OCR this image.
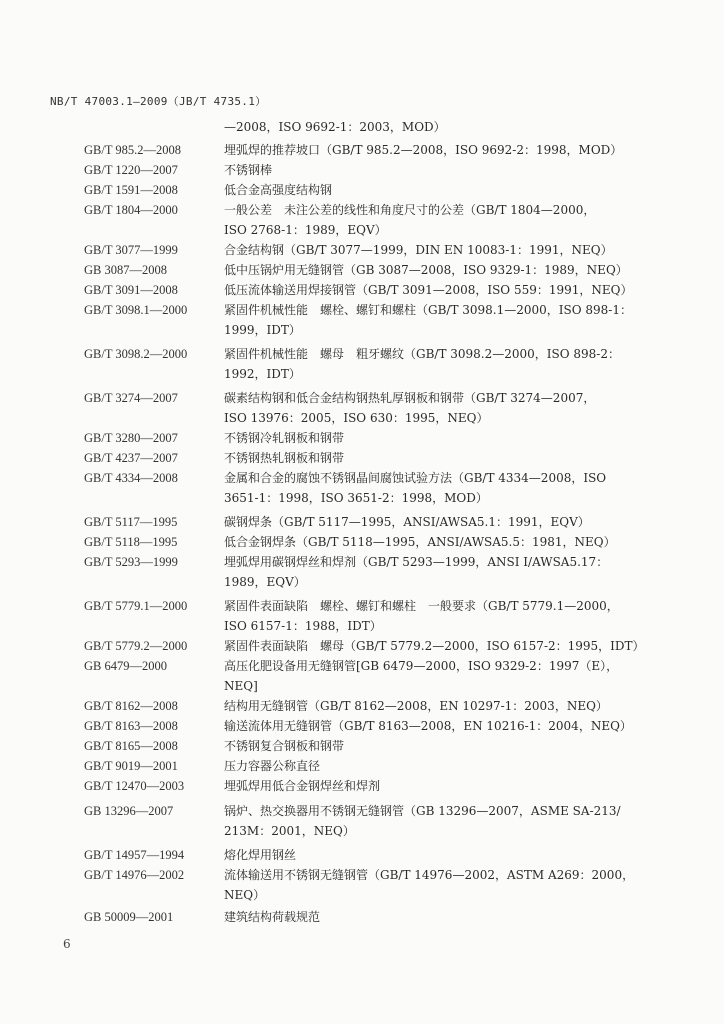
NB/T 47003.1—2009（JB/T 4735.1）
—2008，ISO 9692-1：2003，MOD）
GB/T 985.2—2008	埋弧焊的推荐坡口（GB/T 985.2—2008，ISO 9692-2：1998，MOD）
GB/T 1220—2007	不锈钢棒
GB/T 1591—2008	低合金高强度结构钢
GB/T 1804—2000	一般公差　未注公差的线性和角度尺寸的公差（GB/T 1804—2000，
ISO 2768-1：1989，EQV）
GB/T 3077—1999	合金结构钢（GB/T 3077—1999，DIN EN 10083-1：1991，NEQ）
GB 3087—2008	低中压锅炉用无缝钢管（GB 3087—2008，ISO 9329-1：1989，NEQ）
GB/T 3091—2008	低压流体输送用焊接钢管（GB/T 3091—2008，ISO 559：1991，NEQ）
GB/T 3098.1—2000	紧固件机械性能　螺栓、螺钉和螺柱（GB/T 3098.1—2000，ISO 898-1：
1999，IDT）
GB/T 3098.2—2000	紧固件机械性能　螺母　粗牙螺纹（GB/T 3098.2—2000，ISO 898-2：
1992，IDT）
GB/T 3274—2007	碳素结构钢和低合金结构钢热轧厚钢板和钢带（GB/T 3274—2007，
ISO 13976：2005，ISO 630：1995，NEQ）
GB/T 3280—2007	不锈钢冷轧钢板和钢带
GB/T 4237—2007	不锈钢热轧钢板和钢带
GB/T 4334—2008	金属和合金的腐蚀不锈钢晶间腐蚀试验方法（GB/T 4334—2008，ISO
3651-1：1998，ISO 3651-2：1998，MOD）
GB/T 5117—1995	碳钢焊条（GB/T 5117—1995，ANSI/AWSA5.1：1991，EQV）
GB/T 5118—1995	低合金钢焊条（GB/T 5118—1995，ANSI/AWSA5.5：1981，NEQ）
GB/T 5293—1999	埋弧焊用碳钢焊丝和焊剂（GB/T 5293—1999，ANSI I/AWSA5.17：
1989，EQV）
GB/T 5779.1—2000	紧固件表面缺陷　螺栓、螺钉和螺柱　一般要求（GB/T 5779.1—2000，
ISO 6157-1：1988，IDT）
GB/T 5779.2—2000	紧固件表面缺陷　螺母（GB/T 5779.2—2000，ISO 6157-2：1995，IDT）
GB 6479—2000	高压化肥设备用无缝钢管[GB 6479—2000，ISO 9329-2：1997（E），
NEQ]
GB/T 8162—2008	结构用无缝钢管（GB/T 8162—2008，EN 10297-1：2003，NEQ）
GB/T 8163—2008	输送流体用无缝钢管（GB/T 8163—2008，EN 10216-1：2004，NEQ）
GB/T 8165—2008	不锈钢复合钢板和钢带
GB/T 9019—2001	压力容器公称直径
GB/T 12470—2003	埋弧焊用低合金钢焊丝和焊剂
GB 13296—2007	锅炉、热交换器用不锈钢无缝钢管（GB 13296—2007，ASME SA-213/
213M：2001，NEQ）
GB/T 14957—1994	熔化焊用钢丝
GB/T 14976—2002	流体输送用不锈钢无缝钢管（GB/T 14976—2002，ASTM A269：2000，
NEQ）
GB 50009—2001	建筑结构荷载规范
6
